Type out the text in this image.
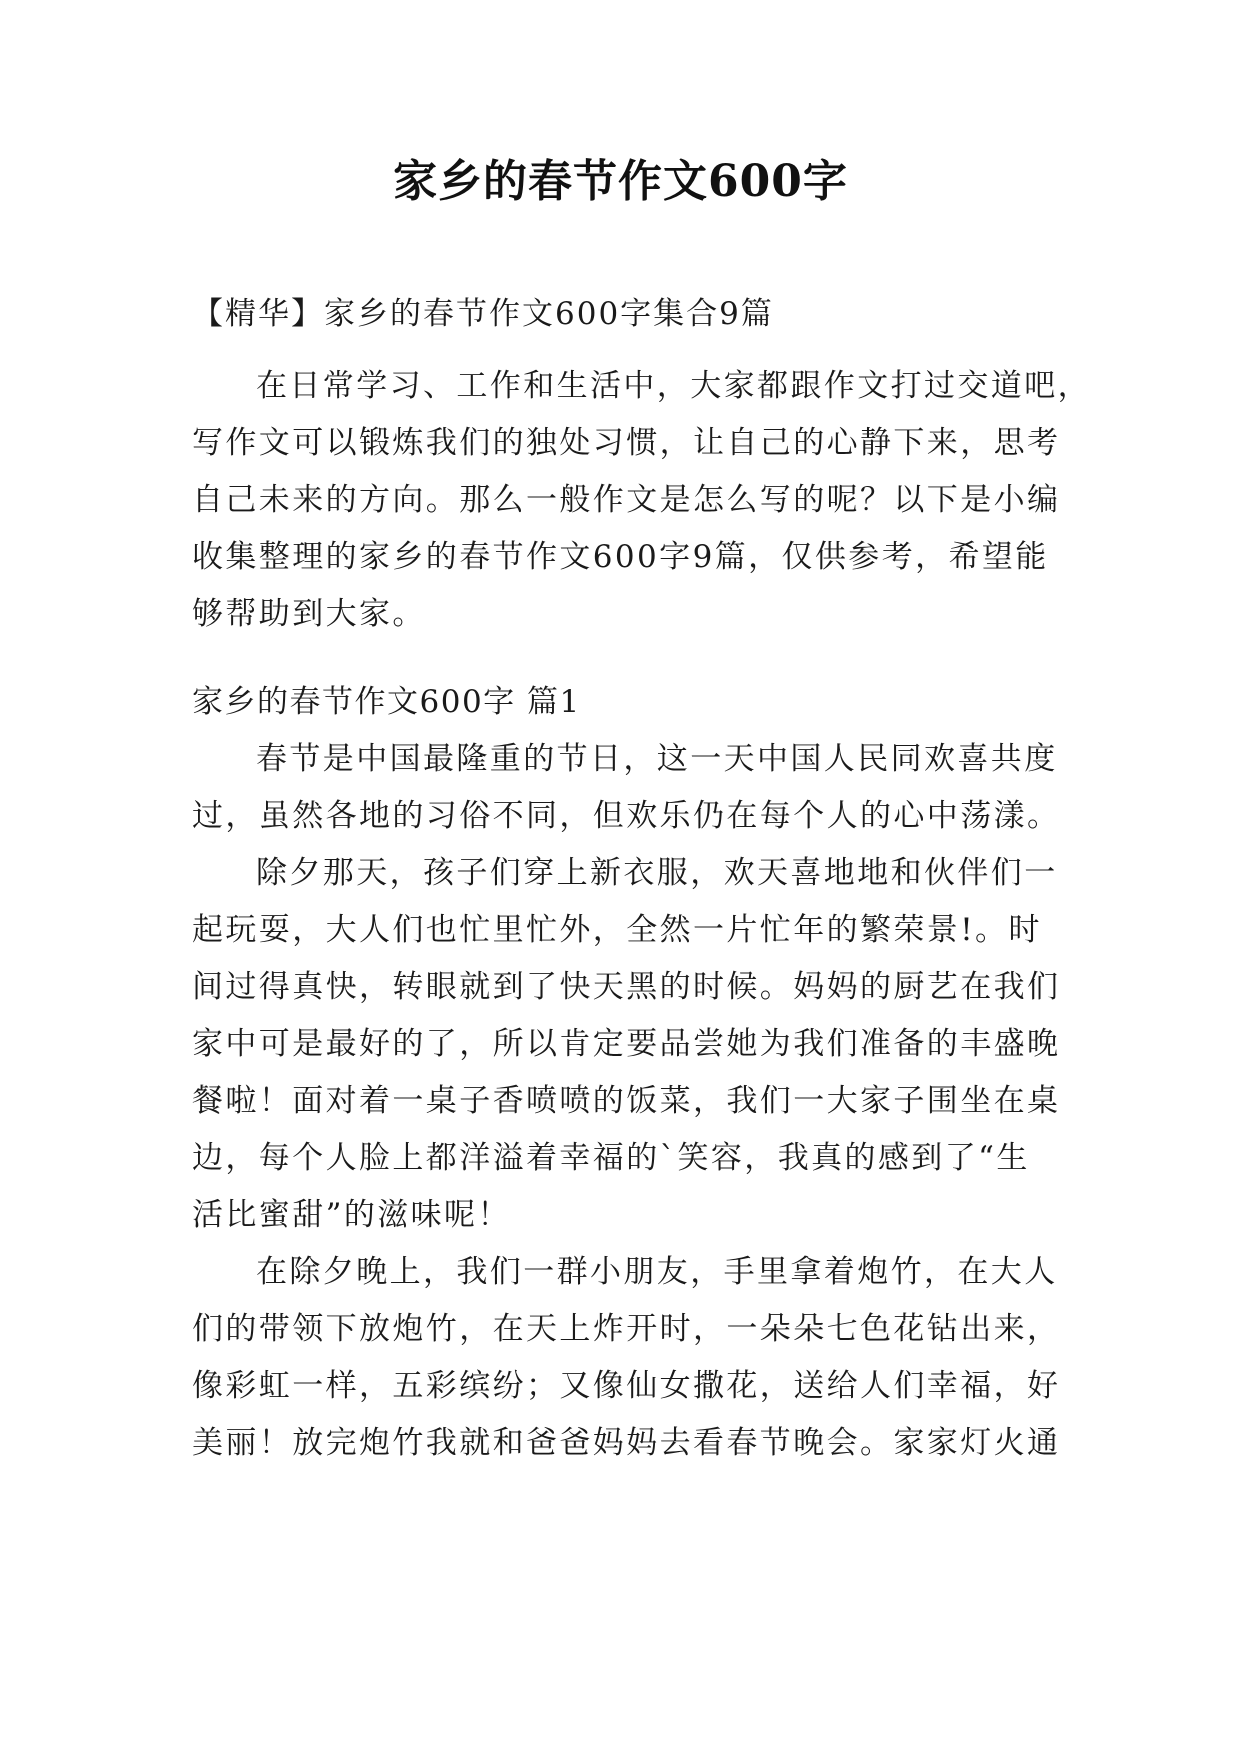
家乡的春节作文600字
【精华】家乡的春节作文600字集合9篇
在日常学习、工作和生活中，大家都跟作文打过交道吧，
写作文可以锻炼我们的独处习惯，让自己的心静下来，思考
自己未来的方向。那么一般作文是怎么写的呢？以下是小编
收集整理的家乡的春节作文600字9篇，仅供参考，希望能
够帮助到大家。
家乡的春节作文600字 篇1
春节是中国最隆重的节日，这一天中国人民同欢喜共度
过，虽然各地的习俗不同，但欢乐仍在每个人的心中荡漾。
除夕那天，孩子们穿上新衣服，欢天喜地地和伙伴们一
起玩耍，大人们也忙里忙外，全然一片忙年的繁荣景!。时
间过得真快，转眼就到了快天黑的时候。妈妈的厨艺在我们
家中可是最好的了，所以肯定要品尝她为我们准备的丰盛晚
餐啦！面对着一桌子香喷喷的饭菜，我们一大家子围坐在桌
边，每个人脸上都洋溢着幸福的`笑容，我真的感到了“生
活比蜜甜”的滋味呢！
在除夕晚上，我们一群小朋友，手里拿着炮竹，在大人
们的带领下放炮竹，在天上炸开时，一朵朵七色花钻出来，
像彩虹一样，五彩缤纷；又像仙女撒花，送给人们幸福，好
美丽！放完炮竹我就和爸爸妈妈去看春节晚会。家家灯火通
